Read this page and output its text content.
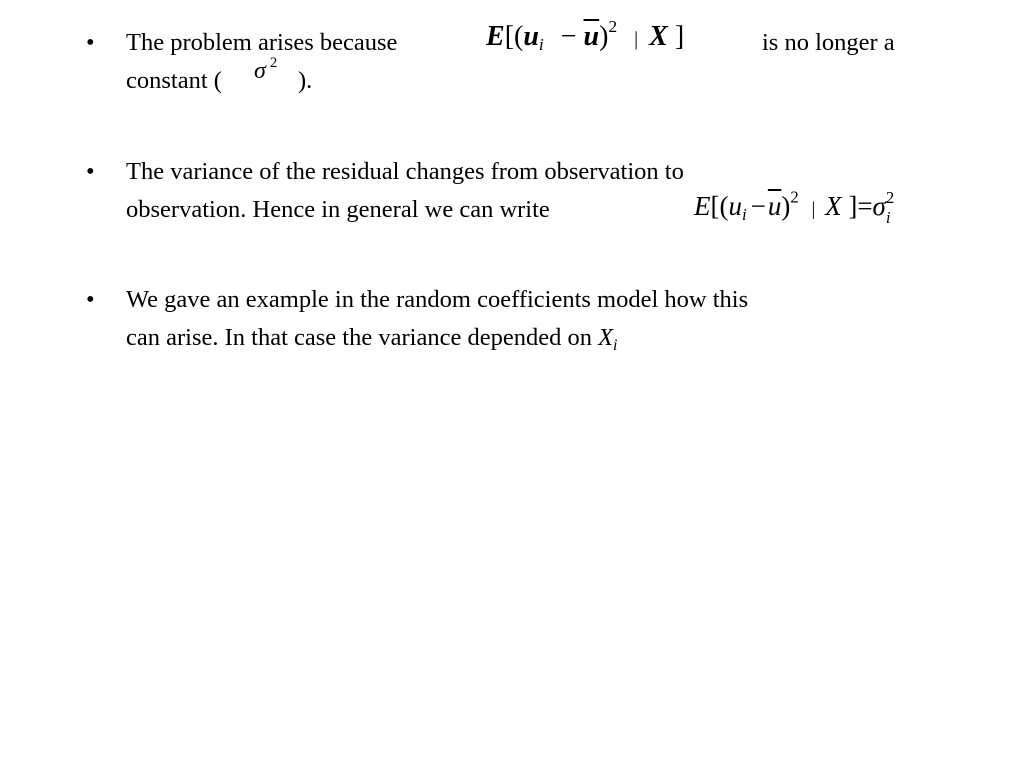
•	The problem arises because	$E[(u_i - \overline{u})^2$ | X ]	is no longer a
constant ( σ $^2$
).
•	The variance of the residual changes from observation to
observation. Hence in general we can write	$E[(u_i -\overline{u})^2$ | X ]=σ 2
i
•	We gave an example in the random coefficients model how this
can arise. In that case the variance depended on $X_i$
